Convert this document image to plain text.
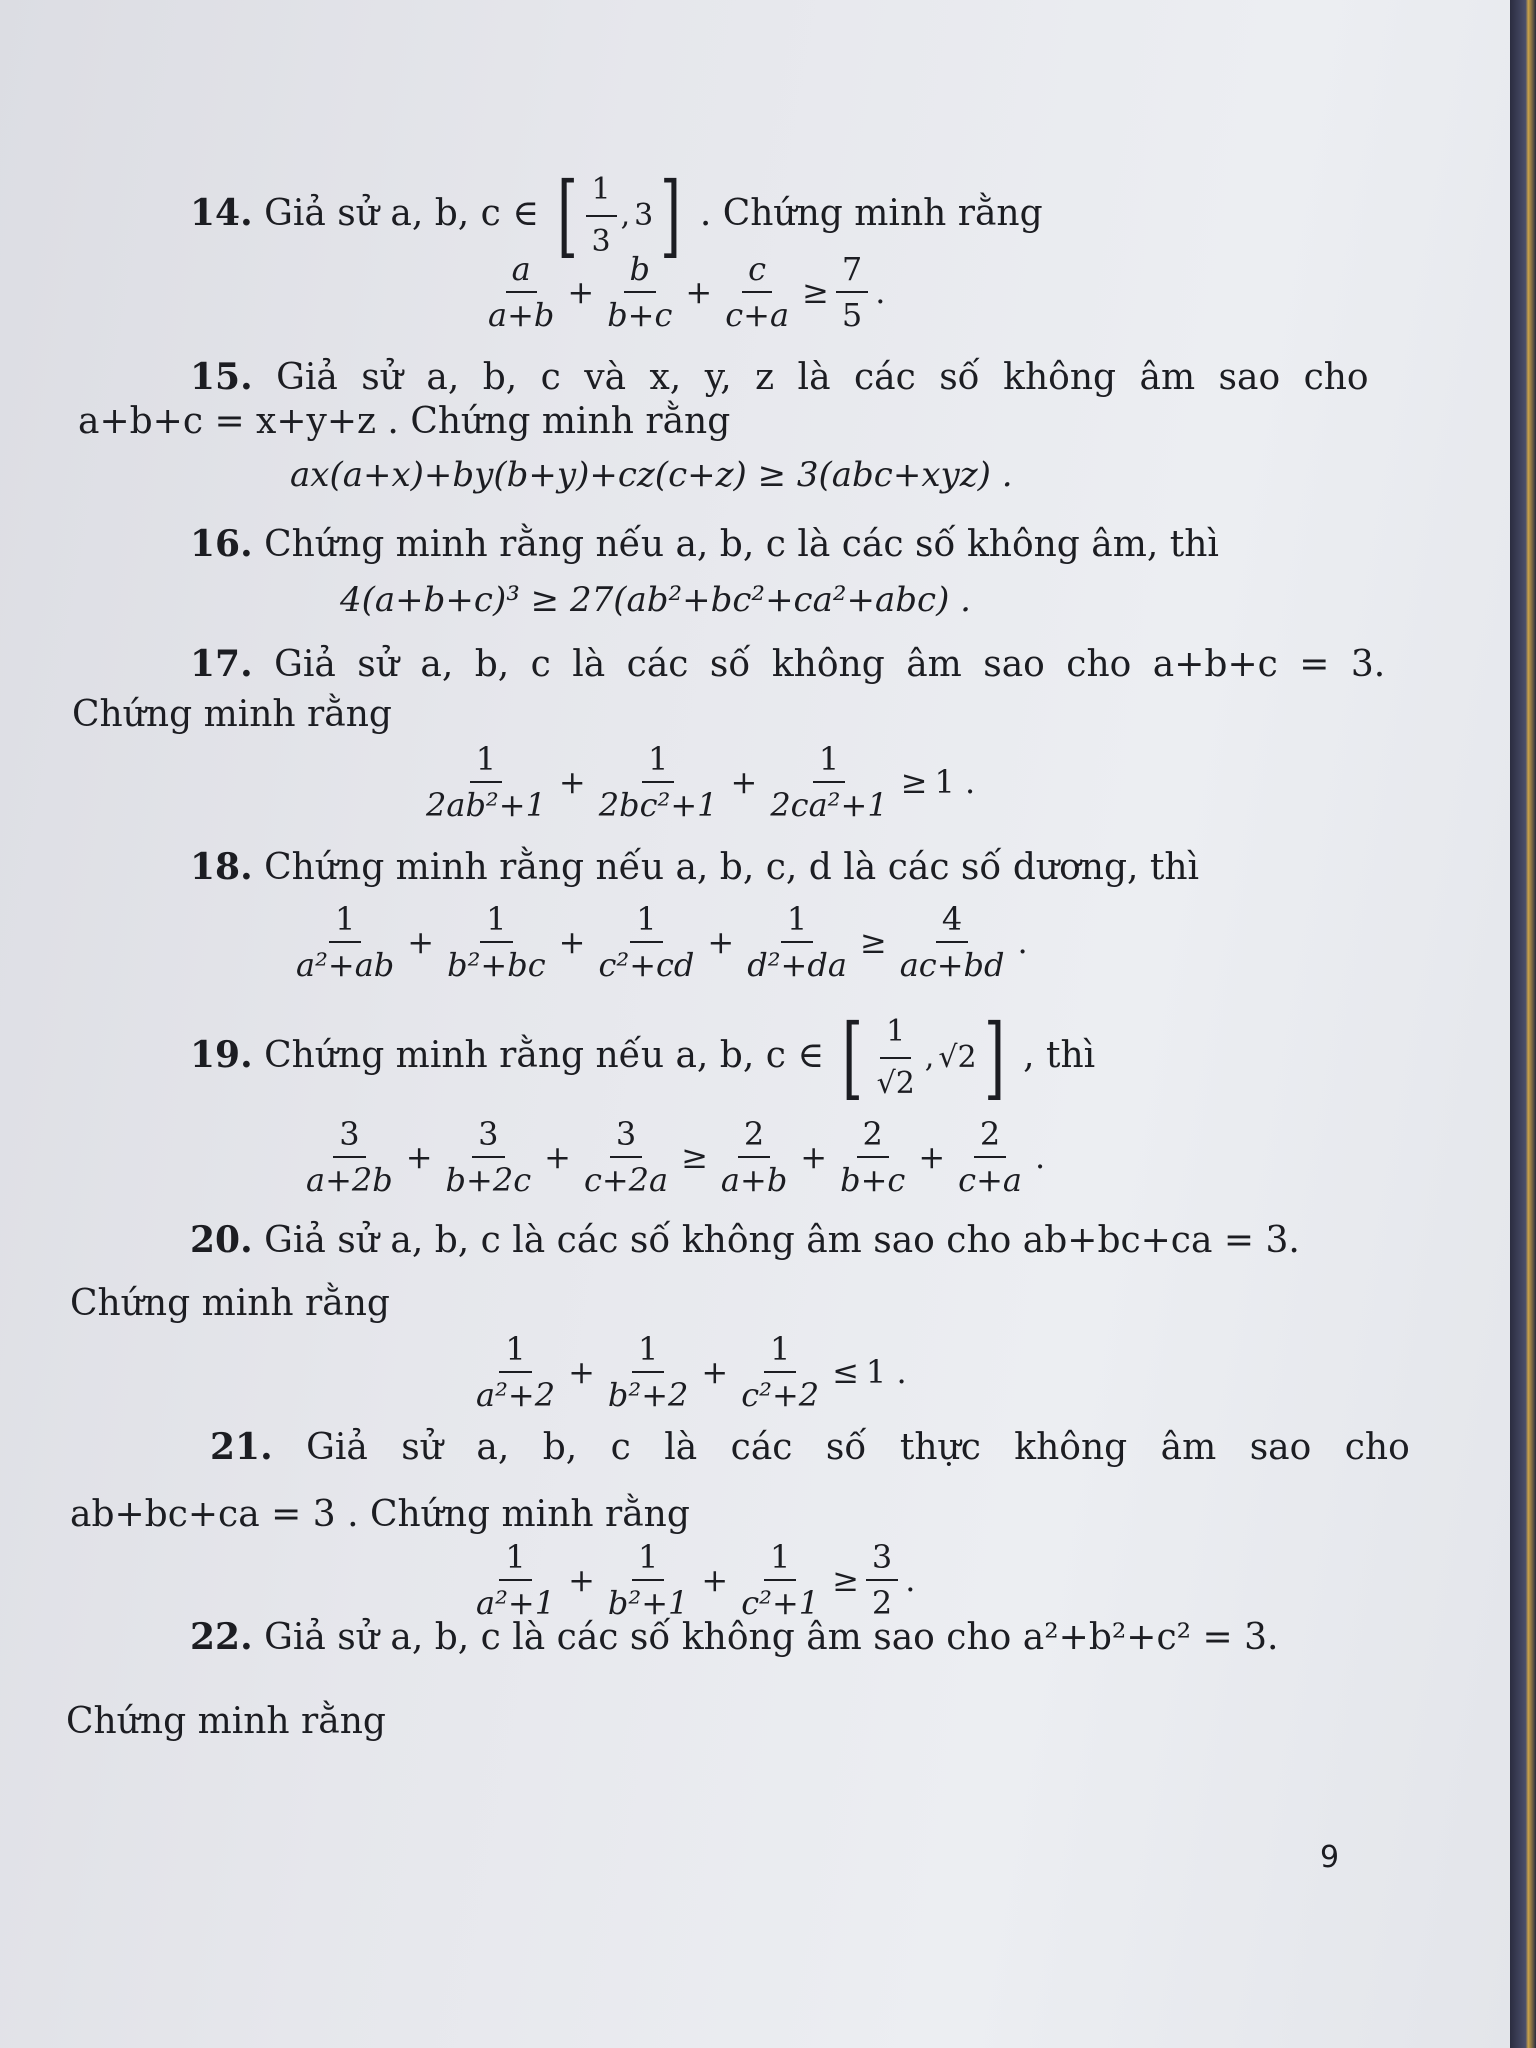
14. Giả sử a, b, c ∈ [ 1
3
, 3 ] . Chứng minh rằng
a
a+b
+ $\frac{b}{b+c} + \frac{c}{c+a} \ge \frac{7}{5}$ .
15. Giả sử a, b, c và x, y, z là các số không âm sao cho
a+b+c = x+y+z . Chứng minh rằng
ax(a+x)+by(b+y)+cz(c+z) ≥ 3(abc+xyz) .
16. Chứng minh rằng nếu a, b, c là các số không âm, thì
4(a+b+c)³ ≥ 27(ab²+bc²+ca²+abc) .
17. Giả sử a, b, c là các số không âm sao cho a+b+c = 3.
Chứng minh rằng
1
2ab²+1
+ $\frac{1}{\text{2bc²+1}} + \frac{1}{\text{2ca²+1}} \ge 1$ .
18. Chứng minh rằng nếu a, b, c, d là các số dương, thì
1
a²+ab
+ $\frac{1}{\text{b²+bc}} + \frac{1}{\text{c²+cd}} + \frac{1}{\text{d²+da}} \ge \frac{4}{ac+bd}$ .
19. Chứng minh rằng nếu a, b, c ∈ [ 1
√2
, √2 ] , thì
3
a+2b
+ $\frac{3}{b+2c} + \frac{3}{c+2a} \ge \frac{2}{a+b} + \frac{2}{b+c} + \frac{2}{c+a}$ .
20. Giả sử a, b, c là các số không âm sao cho ab+bc+ca = 3.
Chứng minh rằng
1
a²+2
+ $\frac{1}{\text{b²+2}} + \frac{1}{\text{c²+2}} \le 1$ .
21. Giả sử a, b, c là các số thực không âm sao cho
ab+bc+ca = 3 . Chứng minh rằng
1
a²+1
+ $\frac{1}{\text{b²+1}} + \frac{1}{\text{c²+1}} \ge \frac{3}{2}$ .
22. Giả sử a, b, c là các số không âm sao cho a²+b²+c² = 3.
Chứng minh rằng
9
